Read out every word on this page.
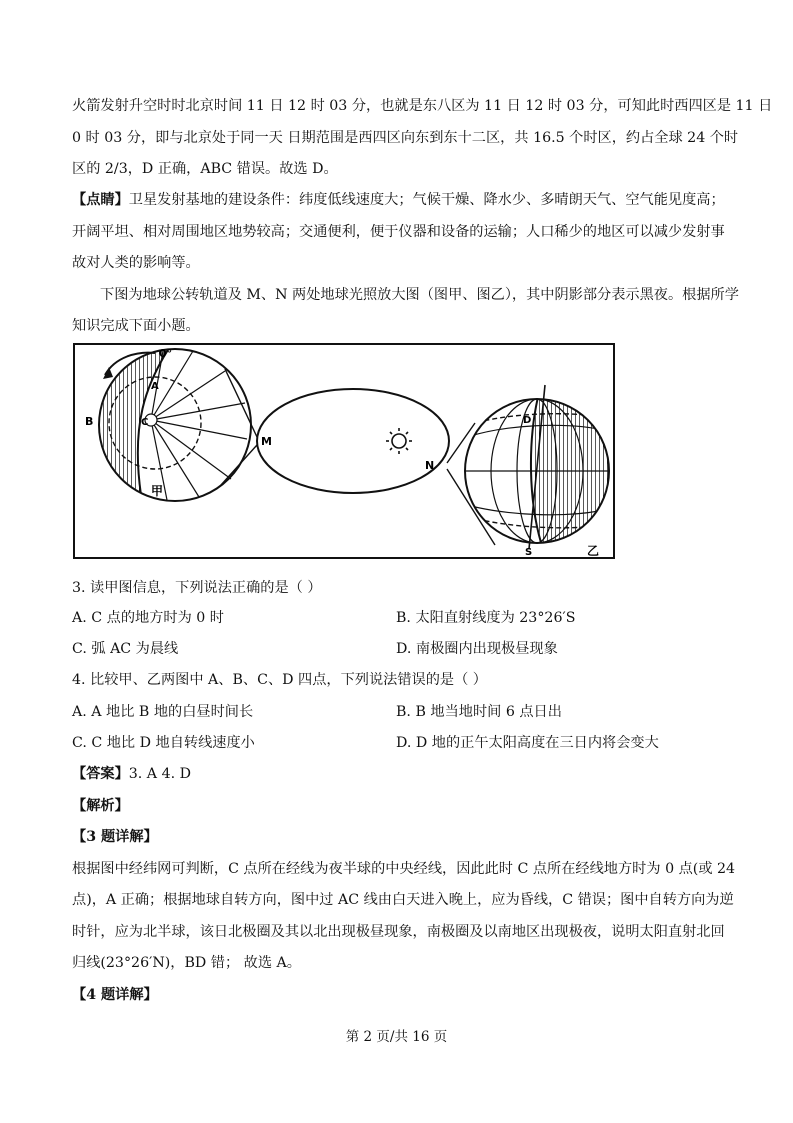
火箭发射升空时时北京时间 11 日 12 时 03 分，也就是东八区为 11 日 12 时 03 分，可知此时西四区是 11 日
0 时 03 分，即与北京处于同一天 日期范围是西四区向东到东十二区，共 16.5 个时区，约占全球 24 个时
区的 2/3，D 正确，ABC 错误。故选 D。
【点睛】卫星发射基地的建设条件：纬度低线速度大；气候干燥、降水少、多晴朗天气、空气能见度高；
开阔平坦、相对周围地区地势较高；交通便利，便于仪器和设备的运输；人口稀少的地区可以减少发射事
故对人类的影响等。
下图为地球公转轨道及 M、N 两处地球光照放大图（图甲、图乙），其中阴影部分表示黑夜。根据所学
知识完成下面小题。
0°
A
B	C
甲
M
N
D
S	乙
3. 读甲图信息，下列说法正确的是（ ）
A. C 点的地方时为 0 时	B. 太阳直射线度为 23°26′S
C. 弧 AC 为晨线	D. 南极圈内出现极昼现象
4. 比较甲、乙两图中 A、B、C、D 四点，下列说法错误的是（ ）
A. A 地比 B 地的白昼时间长	B. B 地当地时间 6 点日出
C. C 地比 D 地自转线速度小	D. D 地的正午太阳高度在三日内将会变大
【答案】3. A 4. D
【解析】
【3 题详解】
根据图中经纬网可判断，C 点所在经线为夜半球的中央经线，因此此时 C 点所在经线地方时为 0 点(或 24
点)，A 正确；根据地球自转方向，图中过 AC 线由白天进入晚上，应为昏线，C 错误；图中自转方向为逆
时针，应为北半球，该日北极圈及其以北出现极昼现象，南极圈及以南地区出现极夜，说明太阳直射北回
归线(23°26′N)，BD 错； 故选 A。
【4 题详解】
第 2 页/共 16 页
